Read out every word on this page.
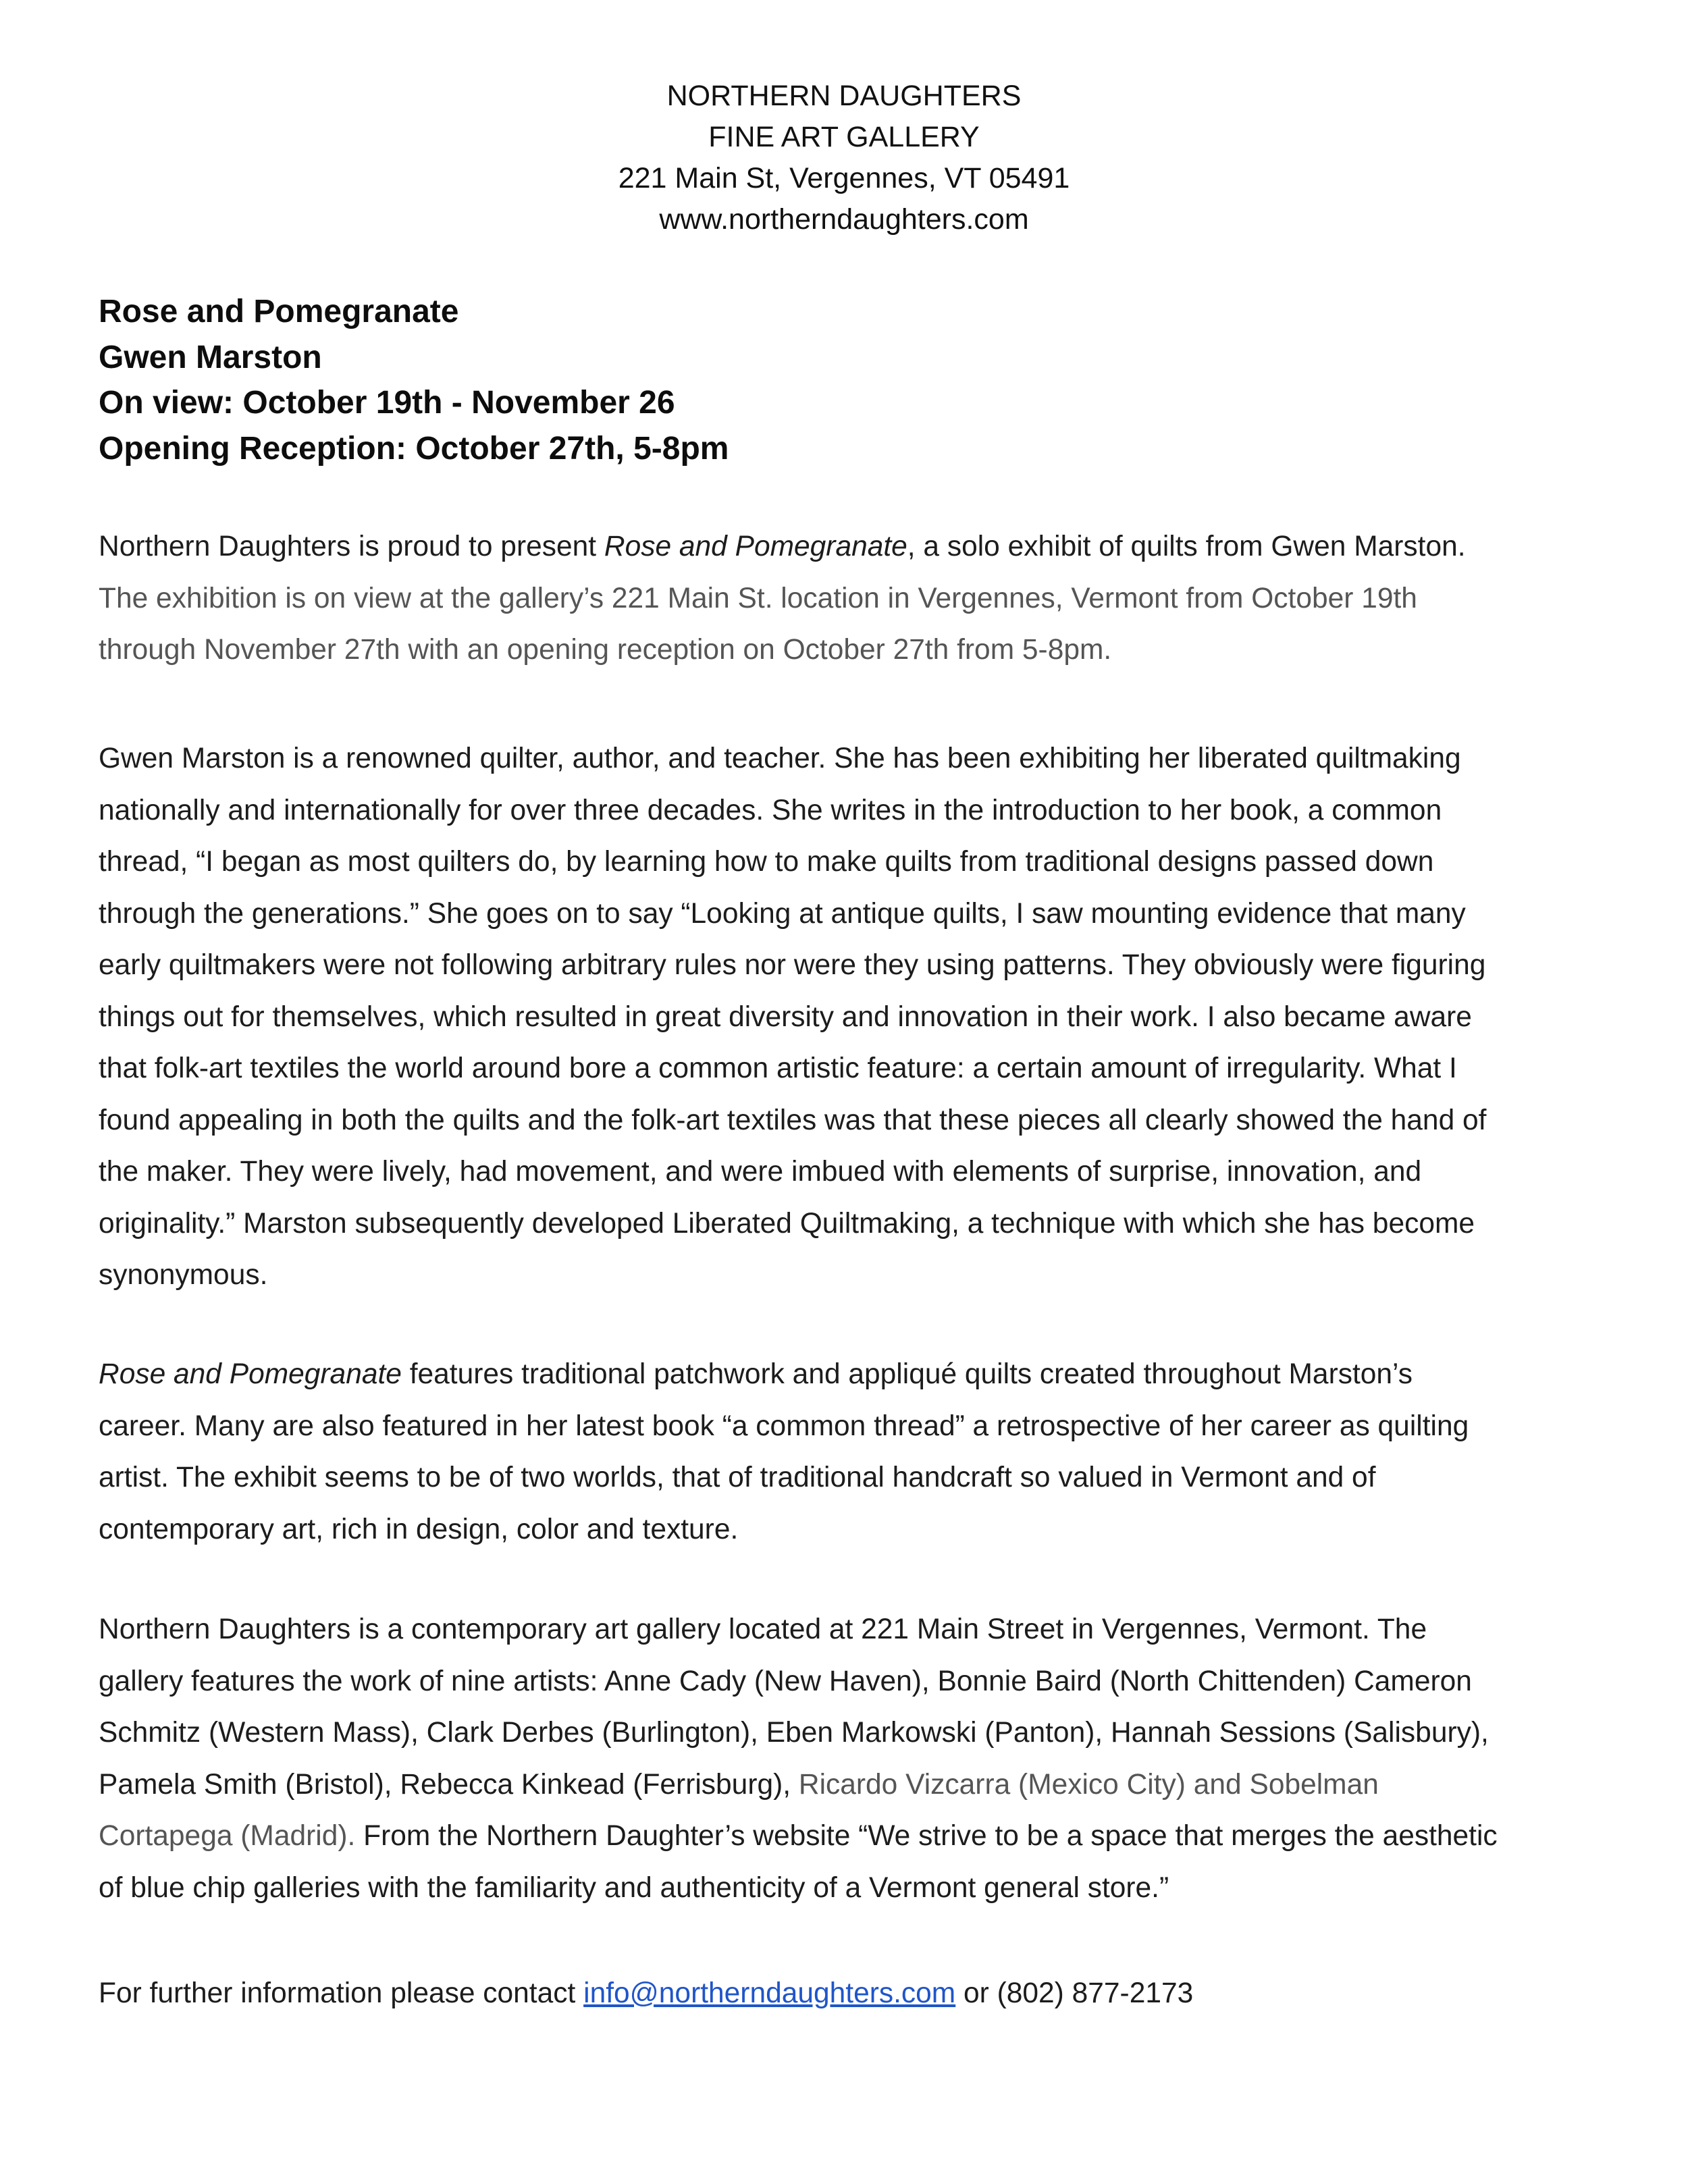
NORTHERN DAUGHTERS
FINE ART GALLERY
221 Main St, Vergennes, VT 05491
www.northerndaughters.com
Rose and Pomegranate
Gwen Marston
On view: October 19th - November 26
Opening Reception: October 27th, 5-8pm
Northern Daughters is proud to present Rose and Pomegranate, a solo exhibit of quilts from Gwen Marston.
The exhibition is on view at the gallery’s 221 Main St. location in Vergennes, Vermont from October 19th
through November 27th with an opening reception on October 27th from 5-8pm.
Gwen Marston is a renowned quilter, author, and teacher. She has been exhibiting her liberated quiltmaking
nationally and internationally for over three decades. She writes in the introduction to her book, a common
thread, “I began as most quilters do, by learning how to make quilts from traditional designs passed down
through the generations.” She goes on to say “Looking at antique quilts, I saw mounting evidence that many
early quiltmakers were not following arbitrary rules nor were they using patterns. They obviously were figuring
things out for themselves, which resulted in great diversity and innovation in their work. I also became aware
that folk-art textiles the world around bore a common artistic feature: a certain amount of irregularity. What I
found appealing in both the quilts and the folk-art textiles was that these pieces all clearly showed the hand of
the maker. They were lively, had movement, and were imbued with elements of surprise, innovation, and
originality.” Marston subsequently developed Liberated Quiltmaking, a technique with which she has become
synonymous.
Rose and Pomegranate features traditional patchwork and appliqué quilts created throughout Marston’s
career. Many are also featured in her latest book “a common thread” a retrospective of her career as quilting
artist. The exhibit seems to be of two worlds, that of traditional handcraft so valued in Vermont and of
contemporary art, rich in design, color and texture.
Northern Daughters is a contemporary art gallery located at 221 Main Street in Vergennes, Vermont. The
gallery features the work of nine artists: Anne Cady (New Haven), Bonnie Baird (North Chittenden) Cameron
Schmitz (Western Mass), Clark Derbes (Burlington), Eben Markowski (Panton), Hannah Sessions (Salisbury),
Pamela Smith (Bristol), Rebecca Kinkead (Ferrisburg), Ricardo Vizcarra (Mexico City) and Sobelman
Cortapega (Madrid). From the Northern Daughter’s website “We strive to be a space that merges the aesthetic
of blue chip galleries with the familiarity and authenticity of a Vermont general store.”
For further information please contact info@northerndaughters.com or (802) 877-2173
